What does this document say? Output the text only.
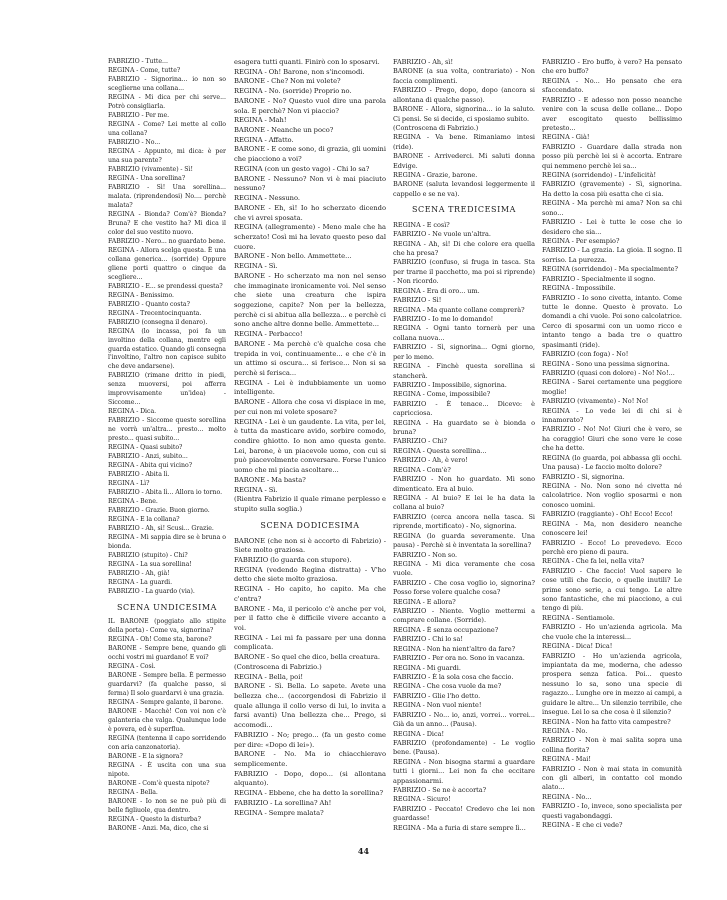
FABRIZIO - Tutte...

REGINA - Come, tutte?

FABRIZIO - Signorina... io non so sceglierne una collana...

REGINA - Mi dica per chi serve... Potrò consigliarla.

FABRIZIO - Per me.

REGINA - Come? Lei mette al collo una collana?

FABRIZIO - No...

REGINA - Appunto, mi dica: è per una sua parente?

FABRIZIO (vivamente) - Sì!

REGINA - Una sorellina?

FABRIZIO - Sì! Una sorellina... malata. (riprendendosi) No.... perchè malata?

REGINA - Bionda? Com'è? Bionda? Bruna? E che vestito ha? Mi dica il color del suo vestito nuovo.

FABRIZIO - Nero... no guardato bene.

REGINA - Allora scelga questa. È una collana generica... (sorride) Oppure gliene porti quattro o cinque da scegliere...

FABRIZIO - E... se prendessi questa?

REGINA - Benissimo.

FABRIZIO - Quanto costa?

REGINA - Trecentocinquanta.

FABRIZIO (consegna il denaro).

REGINA (lo incassa, poi fa un involtino della collana, mentre egli guarda estatico. Quando gli consegna l'involtino, l'altro non capisce subito che deve andarsene).

FABRIZIO (rimane dritto in piedi, senza muoversi, poi afferra improvvisamente un'idea) - Siccome...

REGINA - Dica.

FABRIZIO - Siccome queste sorellina ne vorrà un'altra... presto... molto presto... quasi subito...

REGINA - Quasi subito?

FABRIZIO - Anzi, subito...

REGINA - Abita qui vicino?

FABRIZIO - Abita lì.

REGINA - Lì?

FABRIZIO - Abita lì... Allora io torno.

REGINA - Bene.

FABRIZIO - Grazie. Buon giorno.

REGINA - E la collana?

FABRIZIO - Ah, sì! Scusi... Grazie.

REGINA - Mi sappia dire se è bruna o bionda.

FABRIZIO (stupito) - Chi?

REGINA - La sua sorellina!

FABRIZIO - Ah, già!

REGINA - La guardi.

FABRIZIO - La guardo (via).

SCENA UNDICESIMA

IL BARONE (poggiato allo stipite della porta) - Come va, signorina?

REGINA - Oh! Come sta, barone?

BARONE - Sempre bene, quando gli occhi vostri mi guardano! E voi?

REGINA - Così.

BARONE - Sempre bella. È permesso guardarvi? (fa qualche passo, si ferma) Il solo guardarvi è una grazia.

REGINA - Sempre galante, il barone.

BARONE - Macchè! Con voi non c'è galanteria che valga. Qualunque lode è povera, ed è superflua.

REGINA (tentenna il capo sorridendo con aria canzonatoria).

BARONE - E la signora?

REGINA - È uscita con una sua nipote.

BARONE - Com'è questa nipote?

REGINA - Bella.

BARONE - Io non se ne può più di belle figliuole, qua dentro.

REGINA - Questo la disturba?

BARONE - Anzi. Ma, dico, che si

esagera tutti quanti. Finirò con lo sposarvi.

REGINA - Oh! Barone, non s'incomodi.

BARONE - Che? Non mi volete?

REGINA - No. (sorride) Proprio no.

BARONE - No? Questo vuol dire una parola sola. E perchè? Non vi piaccio?

REGINA - Mah!

BARONE - Neanche un poco?

REGINA - Affatto.

BARONE - E come sono, di grazia, gli uomini che piacciono a voi?

REGINA (con un gesto vago) - Chi lo sa?

BARONE - Nessuno? Non vi è mai piaciuto nessuno?

REGINA - Nessuno.

BARONE - Eh, sì! Io ho scherzato dicendo che vi avrei sposata.

REGINA (allegramente) - Meno male che ha scherzato! Così mi ha levato questo peso dal cuore.

BARONE - Non bello. Ammettete...

REGINA - Sì.

BARONE - Ho scherzato ma non nel senso che immaginate ironicamente voi. Nel senso che siete una creatura che ispira soggezione, capite? Non per la bellezza, perchè ci si abitua alla bellezza... e perchè ci sono anche altre donne belle. Ammettete...

REGINA - Perbacco!

BARONE - Ma perchè c'è qualche cosa che trepida in voi, continuamente... e che c'è in un attimo si oscura... si ferisce... Non si sa perchè si ferisca...

REGINA - Lei è indubbiamente un uomo intelligente.

BARONE - Allora che cosa vi dispiace in me, per cui non mi volete sposare?

REGINA - Lei è un gaudente. La vita, per lei, è tutta da masticare avido, sorbire comodo, condire ghiotto. Io non amo questa gente. Lei, barone, è un piacevole uomo, con cui si può piacevolmente conversare. Forse l'unico uomo che mi piacia ascoltare...

BARONE - Ma basta?

REGINA - Sì.

(Rientra Fabrizio il quale rimane perplesso e stupito sulla soglia.)

SCENA DODICESIMA

BARONE (che non si è accorto di Fabrizio) - Siete molto graziosa.

FABRIZIO (lo guarda con stupore).

REGINA (vedendo Regina distratta) - V'ho detto che siete molto graziosa.

REGINA - Ho capito, ho capito. Ma che c'entra?

BARONE - Ma, il pericolo c'è anche per voi, per il fatto che è difficile vivere accanto a voi.

REGINA - Lei mi fa passare per una donna complicata.

BARONE - So quel che dico, bella creatura.

(Controscena di Fabrizio.)

REGINA - Bella, poi!

BARONE - Sì. Bella. Lo sapete. Avete una bellezza che... (accorgendosi di Fabrizio il quale allunga il collo verso di lui, lo invita a farsi avanti) Una bellezza che... Prego, si accomodi...

FABRIZIO - No; prego... (fa un gesto come per dire: «Dopo di lei»).

BARONE - No. Ma io chiacchieravo semplicemente.

FABRIZIO - Dopo, dopo... (si allontana alquanto).

REGINA - Ebbene, che ha detto la sorellina?

FABRIZIO - La sorellina? Ah!

REGINA - Sempre malata?

FABRIZIO - Ah, sì!

BARONE (a sua volta, contrariato) - Non faccia complimenti.

FABRIZIO - Prego, dopo, dopo (ancora si allontana di qualche passo).

BARONE - Allora, signorina... io la saluto. Ci pensi. Se si decide, ci sposiamo subito.

(Controscena di Fabrizio.)

REGINA - Va bene. Rimaniamo intesi (ride).

BARONE - Arrivederci. Mi saluti donna Edvige.

REGINA - Grazie, barone.

BARONE (saluta levandosi leggermente il cappello e se ne va).

SCENA TREDICESIMA

REGINA - E così?

FABRIZIO - Ne vuole un'altra.

REGINA - Ah, sì! Di che colore era quella che ha presa?

FABRIZIO (confuso, si fruga in tasca. Sta per trarne il pacchetto, ma poi si riprende) - Non ricordo.

REGINA - Era di oro... um.

FABRIZIO - Sì!

REGINA - Ma quante collane comprerà?

FABRIZIO - Io me lo domando!

REGINA - Ogni tanto tornerà per una collana nuova...

FABRIZIO - Sì, signorina... Ogni giorno, per lo meno.

REGINA - Finchè questa sorellina si stancherà.

FABRIZIO - Impossibile, signorina.

REGINA - Come, impossibile?

FABRIZIO - È tenace... Dicevo: è capricciosa.

REGINA - Ha guardato se è bionda o bruna?

FABRIZIO - Chi?

REGINA - Questa sorellina...

FABRIZIO - Ah, è vero!

REGINA - Com'è?

FABRIZIO - Non ho guardato. Mi sono dimenticato. Era al buio.

REGINA - Al buio? E lei le ha data la collana al buio?

FABRIZIO (cerca ancora nella tasca. Si riprende, mortificato) - No, signorina.

REGINA (lo guarda severamente. Una pausa) - Perchè si è inventata la sorellina?

FABRIZIO - Non so.

REGINA - Mi dica veramente che cosa vuole.

FABRIZIO - Che cosa voglio io, signorina? Posso forse volere qualche cosa?

REGINA - E allora?

FABRIZIO - Niente. Voglio mettermi a comprare collane. (Sorride).

REGINA - È senza occupazione?

FABRIZIO - Chi lo sa!

REGINA - Non ha nient'altro da fare?

FABRIZIO - Per ora no. Sono in vacanza.

REGINA - Mi guardi.

FABRIZIO - È la sola cosa che faccio.

REGINA - Che cosa vuole da me?

FABRIZIO - Glie l'ho detto.

REGINA - Non vuol niente!

FABRIZIO - No... io, anzi, vorrei... vorrei... Già da un anno... (Pausa).

REGINA - Dica!

FABRIZIO (profondamente) - Le voglio bene. (Pausa).

REGINA - Non bisogna starmi a guardare tutti i giorni... Lei non fa che eccitare appassionarmi.

FABRIZIO - Se ne è accorta?

REGINA - Sicuro!

FABRIZIO - Peccato! Credevo che lei non guardasse!

REGINA - Ma a furia di stare sempre lì...

FABRIZIO - Ero buffo, è vero? Ha pensato che ero buffo?

REGINA - No... Ho pensato che era sfaccendato.

FABRIZIO - E adesso non posso neanche venire con la scusa delle collane... Dopo aver escogitato questo bellissimo pretesto...

REGINA - Già!

FABRIZIO - Guardare dalla strada non posso più perchè lei si è accorta. Entrare qui nemmeno perchè lei sa...

REGINA (sorridendo) - L'infelicità!

FABRIZIO (gravemente) - Sì, signorina. Ha detto la cosa più esatta che ci sia.

REGINA - Ma perchè mi ama? Non sa chi sono...

FABRIZIO - Lei è tutte le cose che io desidero che sia...

REGINA - Per esempio?

FABRIZIO - La grazia. La gioia. Il sogno. Il sorriso. La purezza.

REGINA (sorridendo) - Ma specialmente?

FABRIZIO - Specialmente il sogno.

REGINA - Impossibile.

FABRIZIO - Io sono civetta, intanto. Come tutte le donne. Questo è provato. Lo domandi a chi vuole. Poi sono calcolatrice. Cerco di sposarmi con un uomo ricco e intanto tengo a bada tre o quattro spasimanti (ride).

FABRIZIO (con foga) - No!

REGINA - Sono una pessima signorina.

FABRIZIO (quasi con dolore) - No! No!...

REGINA - Sarei certamente una peggiore moglie!

FABRIZIO (vivamente) - No! No!

REGINA - Lo vede lei di chi si è innamorato?

FABRIZIO - No! No! Giuri che è vero, se ha coraggio! Giuri che sono vere le cose che ha dette.

REGINA (lo guarda, poi abbassa gli occhi. Una pausa) - Le faccio molto dolore?

FABRIZIO - Sì, signorina.

REGINA - No. Non sono né civetta né calcolatrice. Non voglio sposarmi e non conosco uomini.

FABRIZIO (raggiante) - Oh! Ecco! Ecco!

REGINA - Ma, non desidero neanche conoscere lei!

FABRIZIO - Ecco! Lo prevedevo. Ecco perchè ero pieno di paura.

REGINA - Che fa lei, nella vita?

FABRIZIO - Che faccio! Vuol sapere le cose utili che faccio, o quelle inutili? Le prime sono serie, a cui tengo. Le altre sono fantastiche, che mi piacciono, a cui tengo di più.

REGINA - Sentiamole.

FABRIZIO - Ho un'azienda agricola. Ma che vuole che la interessi...

REGINA - Dica! Dica!

FABRIZIO - Ho un'azienda agricola, impiantata da me, moderna, che adesso prospera senza fatica. Poi... questo nessuno lo sa, sono una specie di ragazzo... Lunghe ore in mezzo ai campi, a guidare le altre... Un silenzio terribile, che insegue. Lei lo sa che cosa è il silenzio?

REGINA - Non ha fatto vita campestre?

REGINA - No.

FABRIZIO - Non è mai salita sopra una collina fiorita?

REGINA - Mai!

FABRIZIO - Non è mai stata in comunità con gli alberi, in contatto col mondo alato...

REGINA - No...

FABRIZIO - Io, invece, sono specialista per questi vagabondaggi.

REGINA - E che ci vede?

44
